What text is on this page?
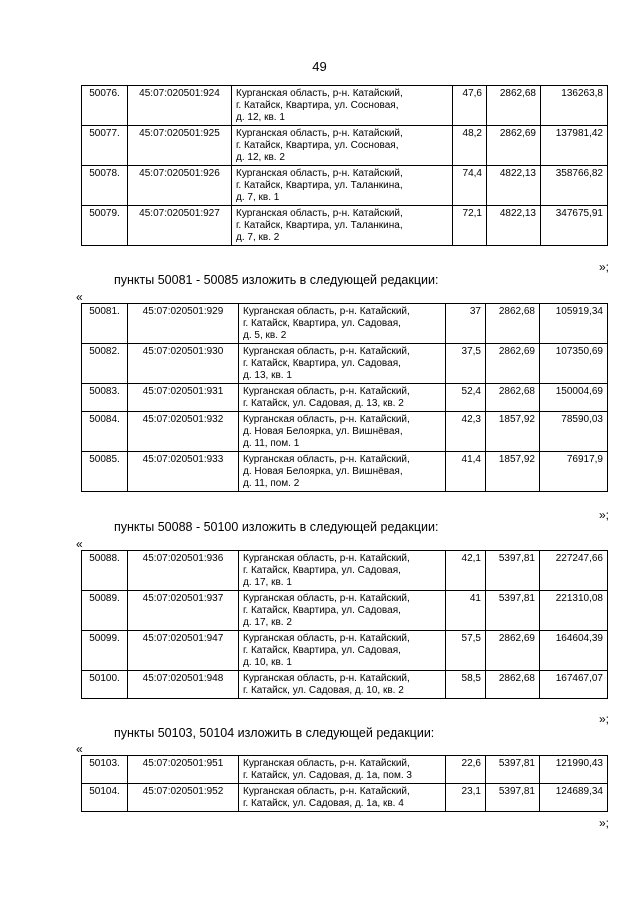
49
50076.	45:07:020501:924	Курганская область, р-н. Катайский,
г. Катайск, Квартира, ул. Сосновая,
д. 12, кв. 1	47,6	2862,68	136263,8
50077.	45:07:020501:925	Курганская область, р-н. Катайский,
г. Катайск, Квартира, ул. Сосновая,
д. 12, кв. 2	48,2	2862,69	137981,42
50078.	45:07:020501:926	Курганская область, р-н. Катайский,
г. Катайск, Квартира, ул. Таланкина,
д. 7, кв. 1	74,4	4822,13	358766,82
50079.	45:07:020501:927	Курганская область, р-н. Катайский,
г. Катайск, Квартира, ул. Таланкина,
д. 7, кв. 2	72,1	4822,13	347675,91
»;
пункты 50081 - 50085 изложить в следующей редакции:
«
50081.	45:07:020501:929	Курганская область, р-н. Катайский,
г. Катайск, Квартира, ул. Садовая,
д. 5, кв. 2	37	2862,68	105919,34
50082.	45:07:020501:930	Курганская область, р-н. Катайский,
г. Катайск, Квартира, ул. Садовая,
д. 13, кв. 1	37,5	2862,69	107350,69
50083.	45:07:020501:931	Курганская область, р-н. Катайский,
г. Катайск, ул. Садовая, д. 13, кв. 2	52,4	2862,68	150004,69
50084.	45:07:020501:932	Курганская область, р-н. Катайский,
д. Новая Белоярка, ул. Вишнёвая,
д. 11, пом. 1	42,3	1857,92	78590,03
50085.	45:07:020501:933	Курганская область, р-н. Катайский,
д. Новая Белоярка, ул. Вишнёвая,
д. 11, пом. 2	41,4	1857,92	76917,9
»;
пункты 50088 - 50100 изложить в следующей редакции:
«
50088.	45:07:020501:936	Курганская область, р-н. Катайский,
г. Катайск, Квартира, ул. Садовая,
д. 17, кв. 1	42,1	5397,81	227247,66
50089.	45:07:020501:937	Курганская область, р-н. Катайский,
г. Катайск, Квартира, ул. Садовая,
д. 17, кв. 2	41	5397,81	221310,08
50099.	45:07:020501:947	Курганская область, р-н. Катайский,
г. Катайск, Квартира, ул. Садовая,
д. 10, кв. 1	57,5	2862,69	164604,39
50100.	45:07:020501:948	Курганская область, р-н. Катайский,
г. Катайск, ул. Садовая, д. 10, кв. 2	58,5	2862,68	167467,07
»;
пункты 50103, 50104 изложить в следующей редакции:
«
50103.	45:07:020501:951	Курганская область, р-н. Катайский,
г. Катайск, ул. Садовая, д. 1а, пом. 3	22,6	5397,81	121990,43
50104.	45:07:020501:952	Курганская область, р-н. Катайский,
г. Катайск, ул. Садовая, д. 1а, кв. 4	23,1	5397,81	124689,34
»;
